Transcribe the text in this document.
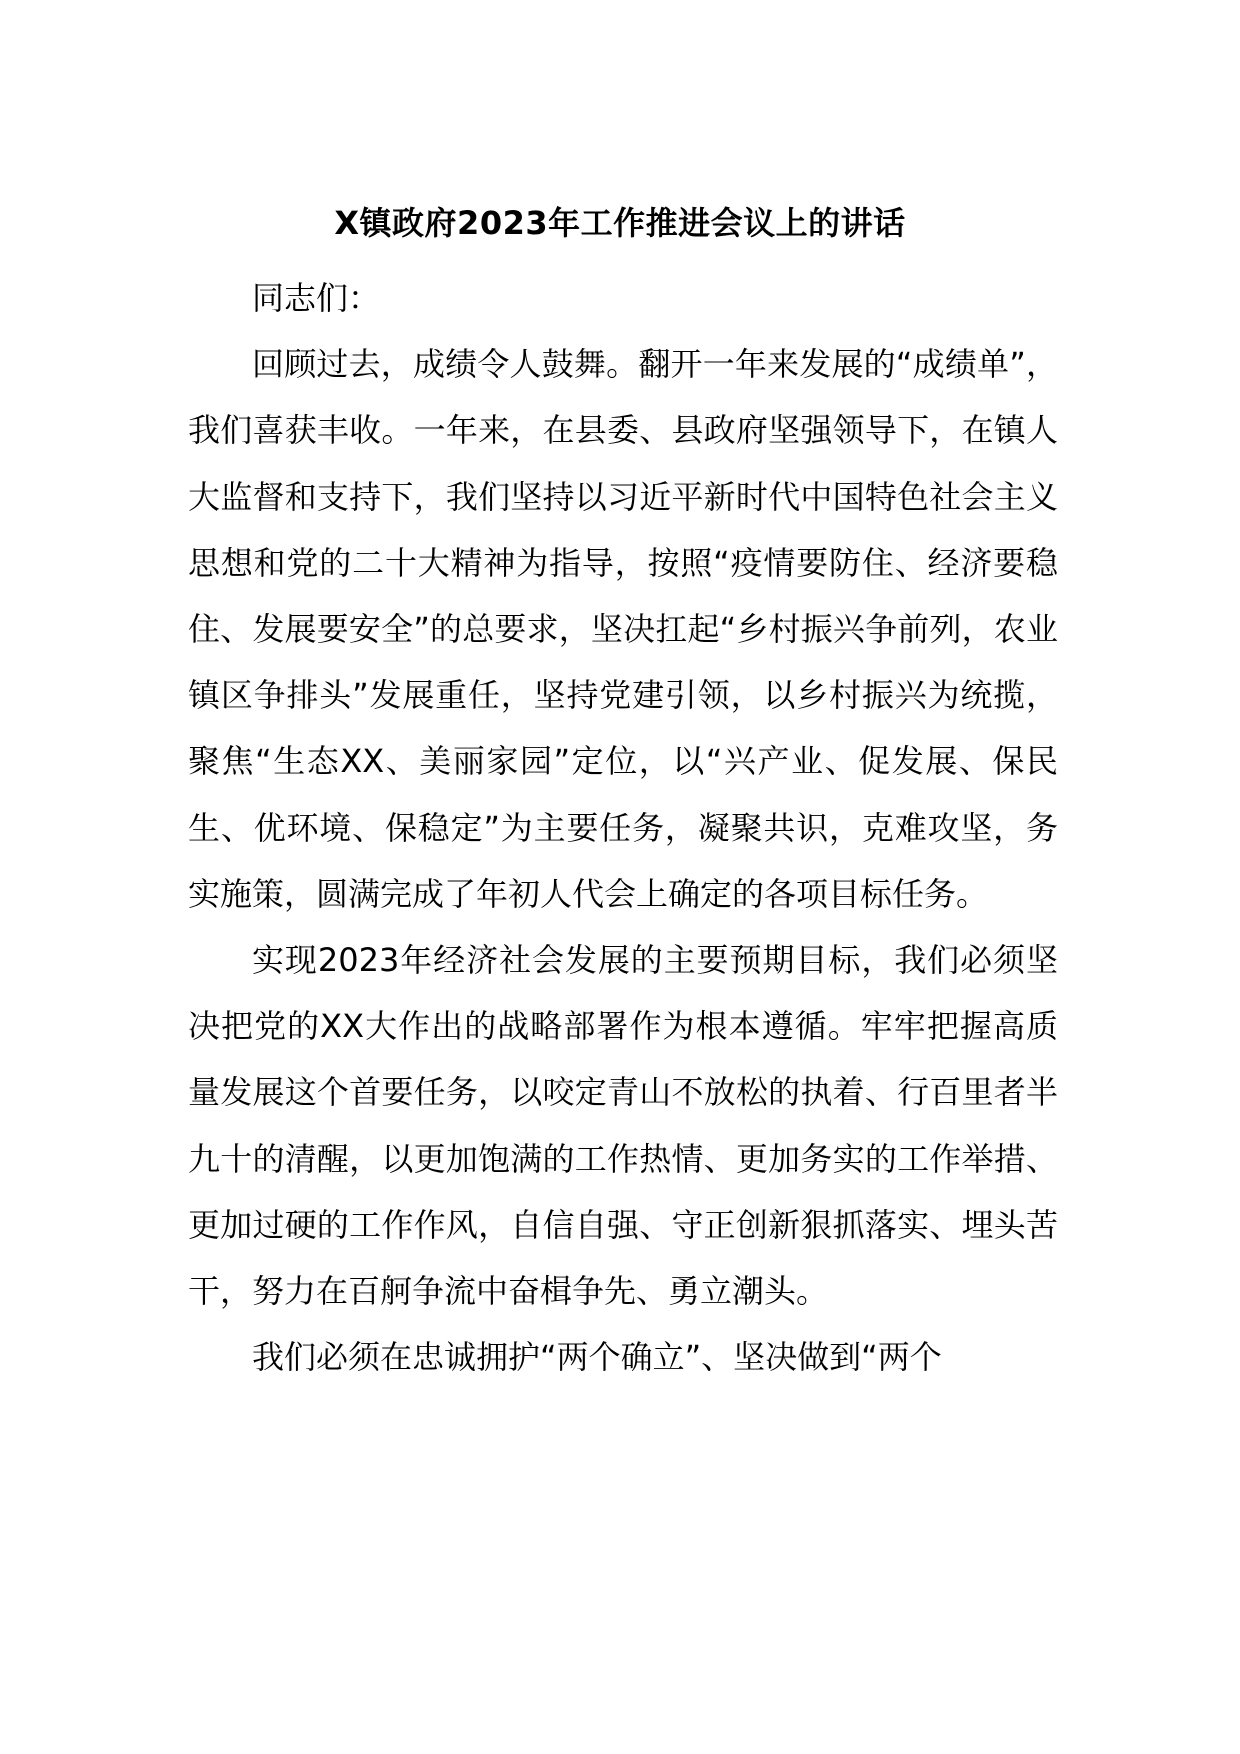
X镇政府2023年工作推进会议上的讲话

同志们：

回顾过去，成绩令人鼓舞。翻开一年来发展的“成绩单”，我们喜获丰收。一年来，在县委、县政府坚强领导下，在镇人大监督和支持下，我们坚持以习近平新时代中国特色社会主义思想和党的二十大精神为指导，按照“疫情要防住、经济要稳住、发展要安全”的总要求，坚决扛起“乡村振兴争前列，农业镇区争排头”发展重任，坚持党建引领，以乡村振兴为统揽，聚焦“生态XX、美丽家园”定位，以“兴产业、促发展、保民生、优环境、保稳定”为主要任务，凝聚共识，克难攻坚，务实施策，圆满完成了年初人代会上确定的各项目标任务。

实现2023年经济社会发展的主要预期目标，我们必须坚决把党的XX大作出的战略部署作为根本遵循。牢牢把握高质量发展这个首要任务，以咬定青山不放松的执着、行百里者半九十的清醒，以更加饱满的工作热情、更加务实的工作举措、更加过硬的工作作风，自信自强、守正创新狠抓落实、埋头苦干，努力在百舸争流中奋楫争先、勇立潮头。

我们必须在忠诚拥护“两个确立”、坚决做到“两个
